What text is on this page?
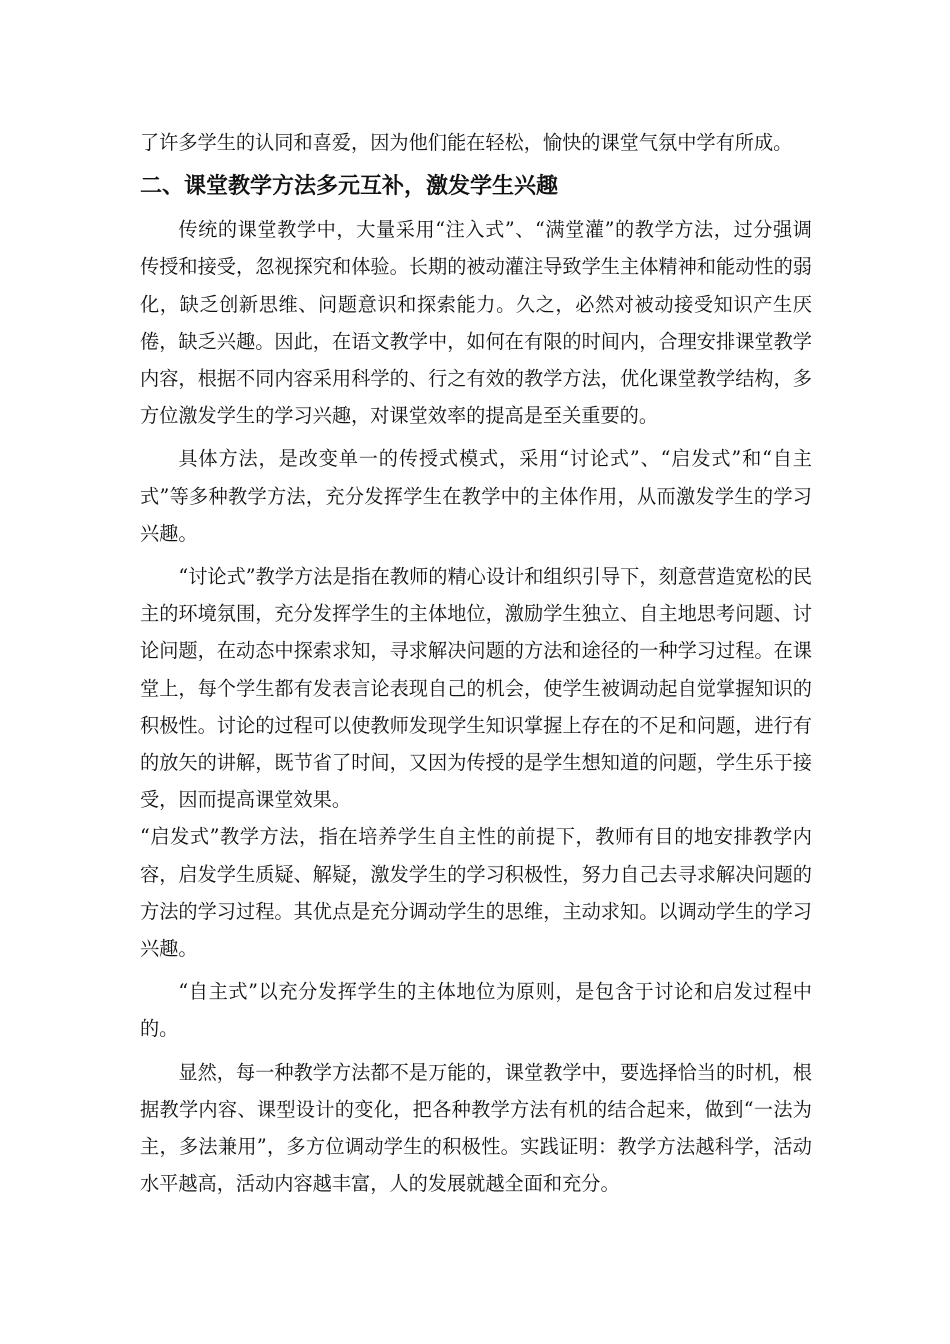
了许多学生的认同和喜爱，因为他们能在轻松，愉快的课堂气氛中学有所成。

二、课堂教学方法多元互补，激发学生兴趣

传统的课堂教学中，大量采用“注入式”、“满堂灌”的教学方法，过分强调传授和接受，忽视探究和体验。长期的被动灌注导致学生主体精神和能动性的弱化，缺乏创新思维、问题意识和探索能力。久之，必然对被动接受知识产生厌倦，缺乏兴趣。因此，在语文教学中，如何在有限的时间内，合理安排课堂教学内容，根据不同内容采用科学的、行之有效的教学方法，优化课堂教学结构，多方位激发学生的学习兴趣，对课堂效率的提高是至关重要的。

具体方法，是改变单一的传授式模式，采用“讨论式”、“启发式”和“自主式”等多种教学方法，充分发挥学生在教学中的主体作用，从而激发学生的学习兴趣。

“讨论式”教学方法是指在教师的精心设计和组织引导下，刻意营造宽松的民主的环境氛围，充分发挥学生的主体地位，激励学生独立、自主地思考问题、讨论问题，在动态中探索求知，寻求解决问题的方法和途径的一种学习过程。在课堂上，每个学生都有发表言论表现自己的机会，使学生被调动起自觉掌握知识的积极性。讨论的过程可以使教师发现学生知识掌握上存在的不足和问题，进行有的放矢的讲解，既节省了时间，又因为传授的是学生想知道的问题，学生乐于接受，因而提高课堂效果。

“启发式”教学方法，指在培养学生自主性的前提下，教师有目的地安排教学内容，启发学生质疑、解疑，激发学生的学习积极性，努力自己去寻求解决问题的方法的学习过程。其优点是充分调动学生的思维，主动求知。以调动学生的学习兴趣。

“自主式”以充分发挥学生的主体地位为原则，是包含于讨论和启发过程中的。

显然，每一种教学方法都不是万能的，课堂教学中，要选择恰当的时机，根据教学内容、课型设计的变化，把各种教学方法有机的结合起来，做到“一法为主，多法兼用”，多方位调动学生的积极性。实践证明：教学方法越科学，活动水平越高，活动内容越丰富，人的发展就越全面和充分。
